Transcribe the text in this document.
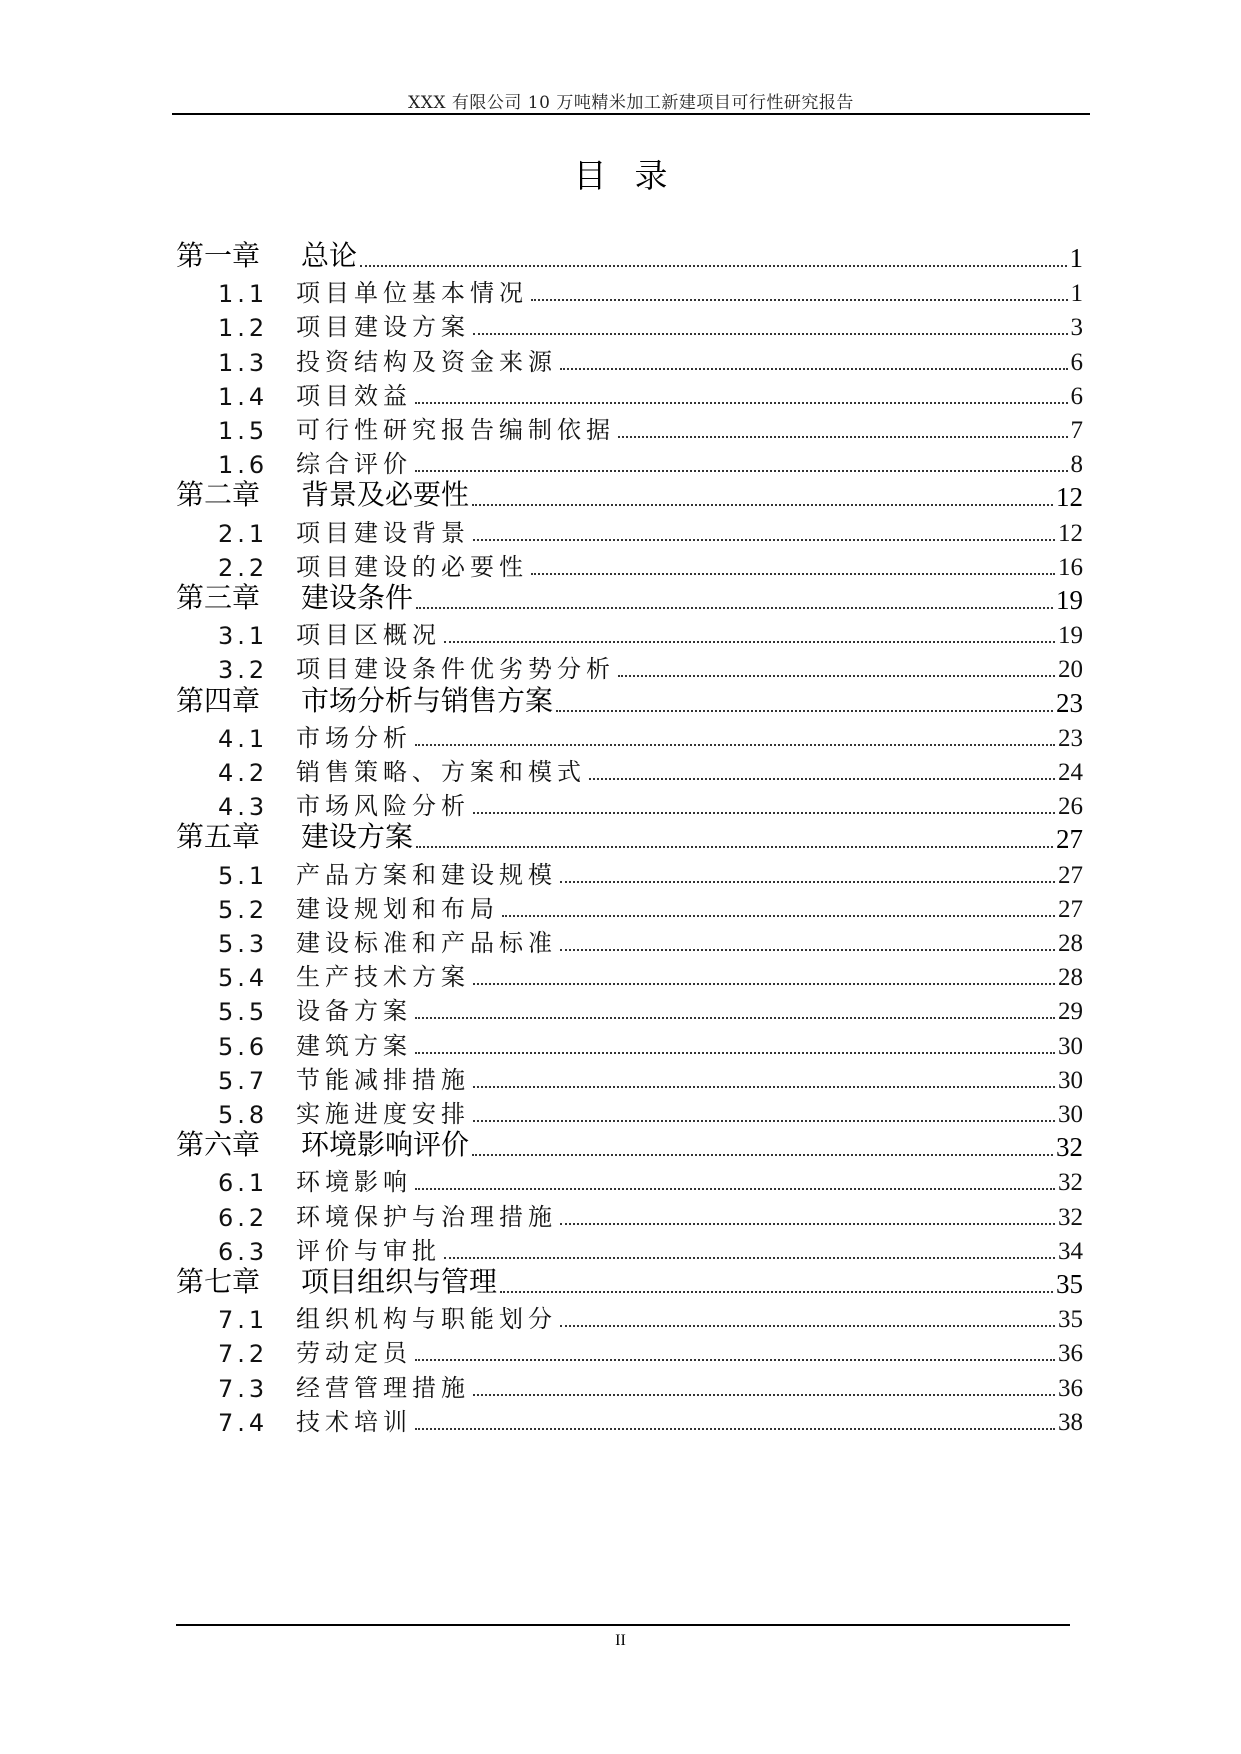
XXX 有限公司 10 万吨精米加工新建项目可行性研究报告
目录
第一章	总论	1
1.1	项目单位基本情况	1
1.2	项目建设方案	3
1.3	投资结构及资金来源	6
1.4	项目效益	6
1.5	可行性研究报告编制依据	7
1.6	综合评价	8
第二章	背景及必要性	12
2.1	项目建设背景	12
2.2	项目建设的必要性	16
第三章	建设条件	19
3.1	项目区概况	19
3.2	项目建设条件优劣势分析	20
第四章	市场分析与销售方案	23
4.1	市场分析	23
4.2	销售策略、方案和模式	24
4.3	市场风险分析	26
第五章	建设方案	27
5.1	产品方案和建设规模	27
5.2	建设规划和布局	27
5.3	建设标准和产品标准	28
5.4	生产技术方案	28
5.5	设备方案	29
5.6	建筑方案	30
5.7	节能减排措施	30
5.8	实施进度安排	30
第六章	环境影响评价	32
6.1	环境影响	32
6.2	环境保护与治理措施	32
6.3	评价与审批	34
第七章	项目组织与管理	35
7.1	组织机构与职能划分	35
7.2	劳动定员	36
7.3	经营管理措施	36
7.4	技术培训	38
II
